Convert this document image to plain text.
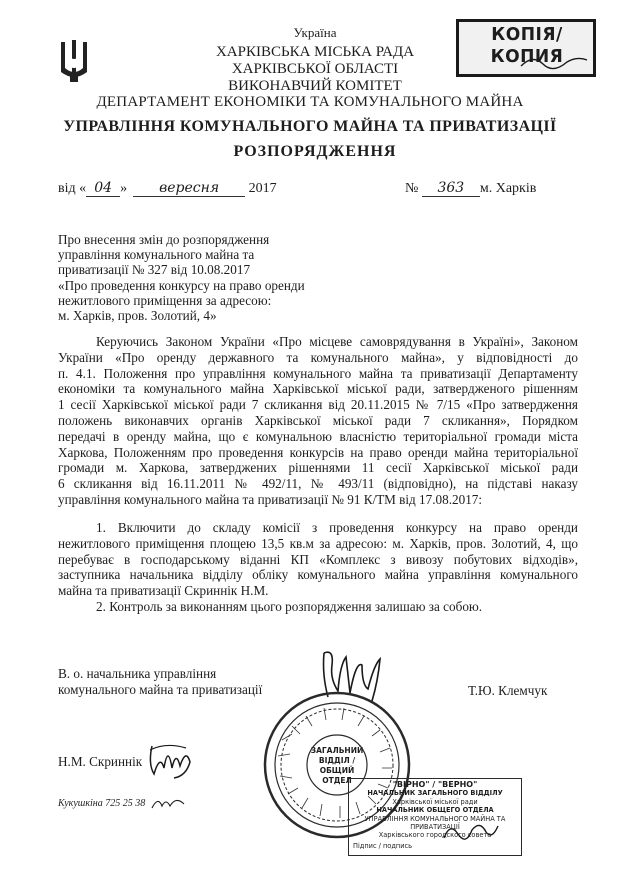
Україна
ХАРКІВСЬКА МІСЬКА РАДА
ХАРКІВСЬКОЇ ОБЛАСТІ
ВИКОНАВЧИЙ КОМІТЕТ
ДЕПАРТАМЕНТ ЕКОНОМІКИ ТА КОМУНАЛЬНОГО МАЙНА
УПРАВЛІННЯ КОМУНАЛЬНОГО МАЙНА ТА ПРИВАТИЗАЦІЇ
РОЗПОРЯДЖЕННЯ
КОПІЯ/
КОПИЯ
від « 04 » вересня 2017	№ 363 м. Харків
Про внесення змін до розпорядження
управління комунального майна та
приватизації № 327 від 10.08.2017
«Про проведення конкурсу на право оренди
нежитлового приміщення за адресою:
м. Харків, пров. Золотий, 4»
Керуючись Законом України «Про місцеве самоврядування в Україні», Законом
України «Про оренду державного та комунального майна», у відповідності до
п. 4.1. Положення про управління комунального майна та приватизації Департаменту
економіки та комунального майна Харківської міської ради, затвердженого рішенням
1 сесії Харківської міської ради 7 скликання від 20.11.2015 № 7/15 «Про затвердження
положень виконавчих органів Харківської міської ради 7 скликання», Порядком
передачі в оренду майна, що є комунальною власністю територіальної громади міста
Харкова, Положенням про проведення конкурсів на право оренди майна територіальної
громади м. Харкова, затверджених рішеннями 11 сесії Харківської міської ради
6 скликання від 16.11.2011 № 492/11, № 493/11 (відповідно), на підставі наказу
управління комунального майна та приватизації № 91 К/ТМ від 17.08.2017:
1. Включити до складу комісії з проведення конкурсу на право оренди
нежитлового приміщення площею 13,5 кв.м за адресою: м. Харків, пров. Золотий, 4, що
перебуває в господарському віданні КП «Комплекс з вивозу побутових відходів»,
заступника начальника відділу обліку комунального майна управління комунального
майна та приватизації Скриннік Н.М.
2. Контроль за виконанням цього розпорядження залишаю за собою.
В. о. начальника управління
комунального майна та приватизації	Т.Ю. Клемчук
ЗАГАЛЬНИЙ
ВІДДІЛ /
ОБЩИЙ ОТДЕЛ	"ВІРНО" / "ВЕРНО"
НАЧАЛЬНИК ЗАГАЛЬНОГО ВІДДІЛУ
Харківської міської ради
НАЧАЛЬНИК ОБЩЕГО ОТДЕЛА
УПРАВЛІННЯ КОМУНАЛЬНОГО МАЙНА ТА ПРИВАТИЗАЦІЇ
Харківського городского совета
Підпис / подпись
Н.М. Скриннік
Кукушкіна 725 25 38
